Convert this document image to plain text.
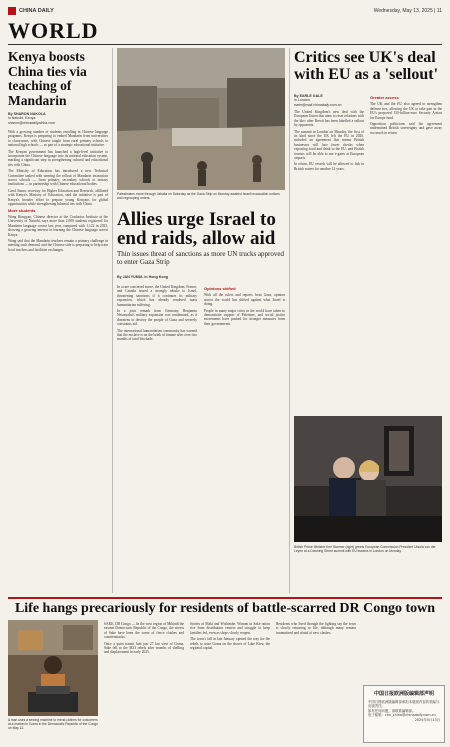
CHINA DAILY	Wednesday, May 13, 2025 | 11
WORLD
Kenya boosts China ties via teaching of Mandarin
By SHARON NAKOLA
in Nairobi, Kenya
sharon@chinadailyafrica.com

With a growing number of students enrolling in Chinese language programs, Kenya is preparing to embed Mandarin from universities to classrooms, with Chinese taught from rural primary schools to national high schools — as part of a strategic educational initiative.

The Kenyan government has launched a high-level initiative to incorporate the Chinese language into its national education system, marking a significant step in strengthening cultural and educational ties with China.

The Ministry of Education has introduced a new Technical Committee tasked with steering the rollout of Mandarin instruction across schools — from primary, secondary schools to tertiary institutions — in partnership with Chinese educational bodies.

Carol Jiuma, secretary for Higher Education and Research, affiliated with Kenya's Ministry of Education, said the initiative is part of Kenya's broader effort to prepare young Kenyans for global opportunities while strengthening bilateral ties with China.

More students

Wang Hongyan, Chinese director at the Confucius Institute at the University of Nairobi, says more than 2,000 students registered for Mandarin language course last year, compared with 1,122 in 2023, showing a growing interest in learning the Chinese language across Kenya.

Wang said that the Mandarin teachers remain a primary challenge in meeting such demand, and the Chinese side is preparing to help train local teachers and facilitate exchanges.

Palestinians move through Jabalia on Saturday as the Gaza Strip on Monday awaited Israeli evacuation notices and regrouping orders.
Allies urge Israel to end raids, allow aid
Thin issues threat of sanctions as more UN trucks approved to enter Gaza Strip
By JAN YUMUL in Hong Kong

In a rare concerted move, the United Kingdom, France, and Canada issued a strongly rebuke to Israel, threatening sanctions if it continues its military expansion, which has already rendered mass humanitarian suffering.

In a joint remark from Germany, Benjamin Netanyahu's military expansion was condemned, as it threatens to destroy the people of Gaza and severely constrains aid.

The international humanitarian community has warned that the enclave is on the brink of famine after over two months of total blockade.

Opinions shifted

With all the rulers and reports from Gaza, opinion across the world has shifted against what Israel is doing.

People in many major cities in the world have taken to demonstrate support of Palestine, and social justice movements have pushed for stronger measures from their governments.

Critics see UK's deal with EU as a 'sellout'
By EARLE GALE
in London
earle@mail.chinadaily.com.cn

The United Kingdom's new deal with the European Union that aims to reset relations with the bloc after Brexit has been labelled a sellout by opponents.

The summit in London on Monday, the first of its kind since the UK left the EU in 2020, included an agreement that means British businesses will face fewer checks when exporting food and drink to the EU, and British tourists will be able to use e-gates at European airports.

In return, EU vessels will be allowed to fish in British waters for another 12 years.

Greater access

The UK and the EU also agreed to strengthen defense ties, allowing the UK to take part in the EU's proposed 150-billion-euro Security Action for Europe fund.

Opposition politicians said the agreement undermined British sovereignty and gave away too much in return.

British Prime Minister Keir Starmer (right) greets European Commission President Ursula von der Leyen at a Downing Street summit with EU leaders in London on Monday.
Life hangs precariously for residents of battle-scarred DR Congo town
A man uses a sewing machine to mend clothes for customers at a market in Goma in the Democratic Republic of the Congo on May 12.

SAKE, DR Congo — In the west region of Mihindi the eastern Democratic Republic of the Congo, the streets of Sake have been the scene of fierce clashes and counterattacks.

Once a quiet transit hub just 27 km west of Goma, Sake fell to the M23 rebels after months of shelling and displacement in early 2025.

Stories of Maki and Wishimbe. Women in Sake ration rice from distribution centers and struggle to keep families fed, even as shops slowly reopen.

The town's fall in late January opened the way for the rebels to seize Goma on the shores of Lake Kivu, the regional capital.

Residents who lived through the fighting say the town is slowly returning to life, although many remain traumatized and afraid of new clashes.

中国日报欧洲版编辑部声明
中国日报欧洲版编辑部承担本版面内容的采编与出版责任。
如有任何问题，请联系编辑部。
电子邮箱：chn_china@chinadaily.com.cn
2025年5月13日
